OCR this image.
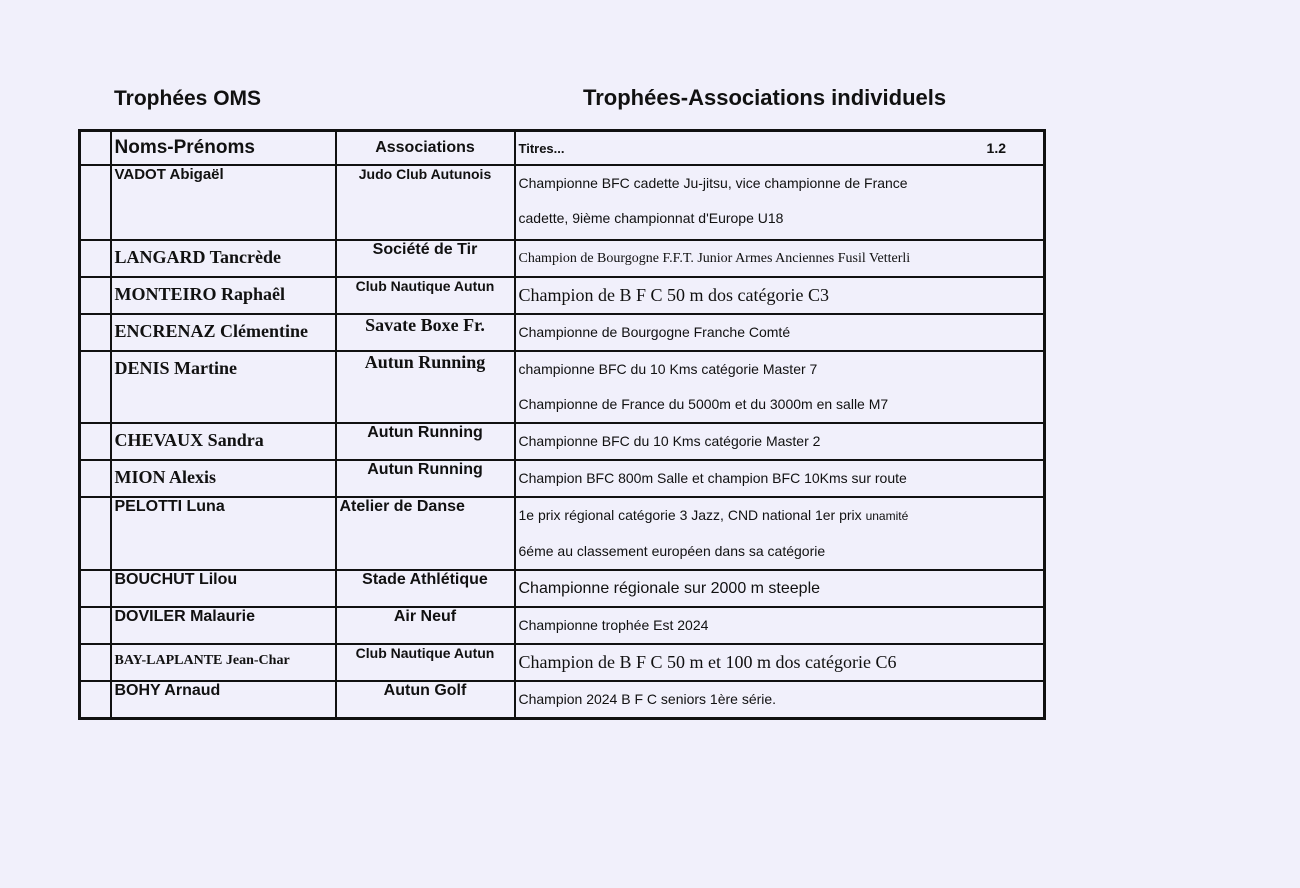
Trophées OMS	Trophées-Associations individuels
	Noms-Prénoms	Associations	Titres... 1.2

	VADOT Abigaël	Judo Club Autunois	Championne BFC cadette Ju-jitsu, vice championne de France
cadette, 9ième championnat d'Europe U18

	LANGARD Tancrède	Société de Tir	Champion de Bourgogne F.F.T. Junior Armes Anciennes Fusil Vetterli

	MONTEIRO Raphaêl	Club Nautique Autun	Champion de B F C 50 m dos catégorie C3

	ENCRENAZ Clémentine	Savate Boxe Fr.	Championne de Bourgogne Franche Comté

	DENIS Martine	Autun Running	championne BFC du 10 Kms catégorie Master 7
Championne de France du 5000m et du 3000m en salle M7

	CHEVAUX Sandra	Autun Running	Championne BFC du 10 Kms catégorie Master 2

	MION Alexis	Autun Running	Champion BFC 800m Salle et champion BFC 10Kms sur route

	PELOTTI Luna	Atelier de Danse	1e prix régional catégorie 3 Jazz, CND national 1er prix unamité
6éme au classement européen dans sa catégorie

	BOUCHUT Lilou	Stade Athlétique	Championne régionale sur 2000 m steeple

	DOVILER Malaurie	Air Neuf	Championne trophée Est 2024

	BAY-LAPLANTE Jean-Char	Club Nautique Autun	Champion de B F C 50 m et 100 m dos catégorie C6

	BOHY Arnaud	Autun Golf	Champion 2024 B F C seniors 1ère série.
